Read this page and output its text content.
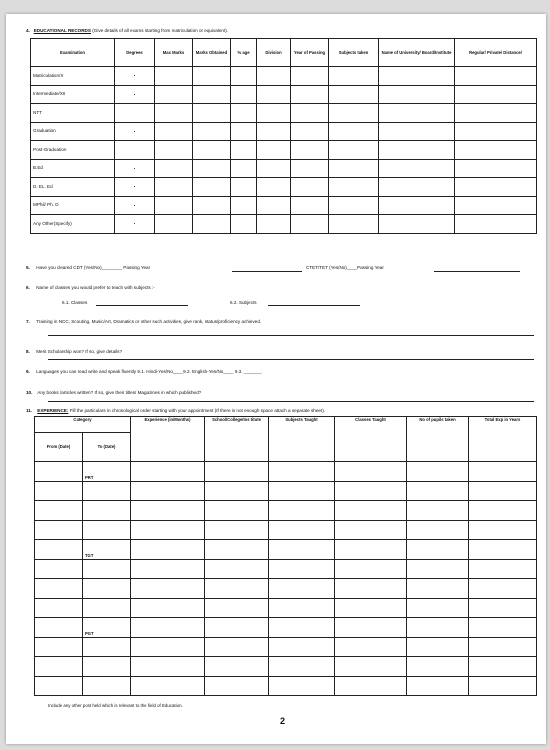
4. EDUCATIONAL RECORDS (Give details of all exams starting from matriculation or equivalent).
Examination	Degrees	Max Marks	Marks Obtained	% age	Division	Year of Passing	Subjects taken	Name of University/ Board/Institute	Regular/ Private/ Distance/
Matriculation/X	.								
Intermediate/XII	.								
NTT									
Graduation	.								
Post-Graduation									
B.Ed	.								
D. EL. Ed	.								
MPhil/ Ph. D	.								
Any Other(Specify)	.								
5. Have you cleared CDT (Yes/No)________ Passing Year	CTET/TET (Yes/No)____Passing Year
6. Name of classes you would prefer to teach with subjects :-
6.1. Classes	6.2. Subjects
7. Training in NCC, Scouting, Music/Art, Dramatics or other such activities, give rank, status/proficiency achieved.
8. Merit Scholarship won? If so, give details?
9. Languages you can read write and speak fluently 9.1. Hindi-Yes/No____9.2. English-Yes/No____ 9.3. _______
10. Any books /articles written? If so, give their titles/ Magazines in which published?
11. EXPERIENCE: Fill the particulars in chronological order starting with your appointment (If there is not enough space attach a separate sheet).
Category		Experience (in/Months)	School/College/Ins titute	Subjects Taught	Classes Taught	No of pupils taken	Total Exp in Years
From (Date)	To (Date)						
	PRT						

	TGT						

	PGT						

Include any other post held which is relevant to the field of Education.
2
